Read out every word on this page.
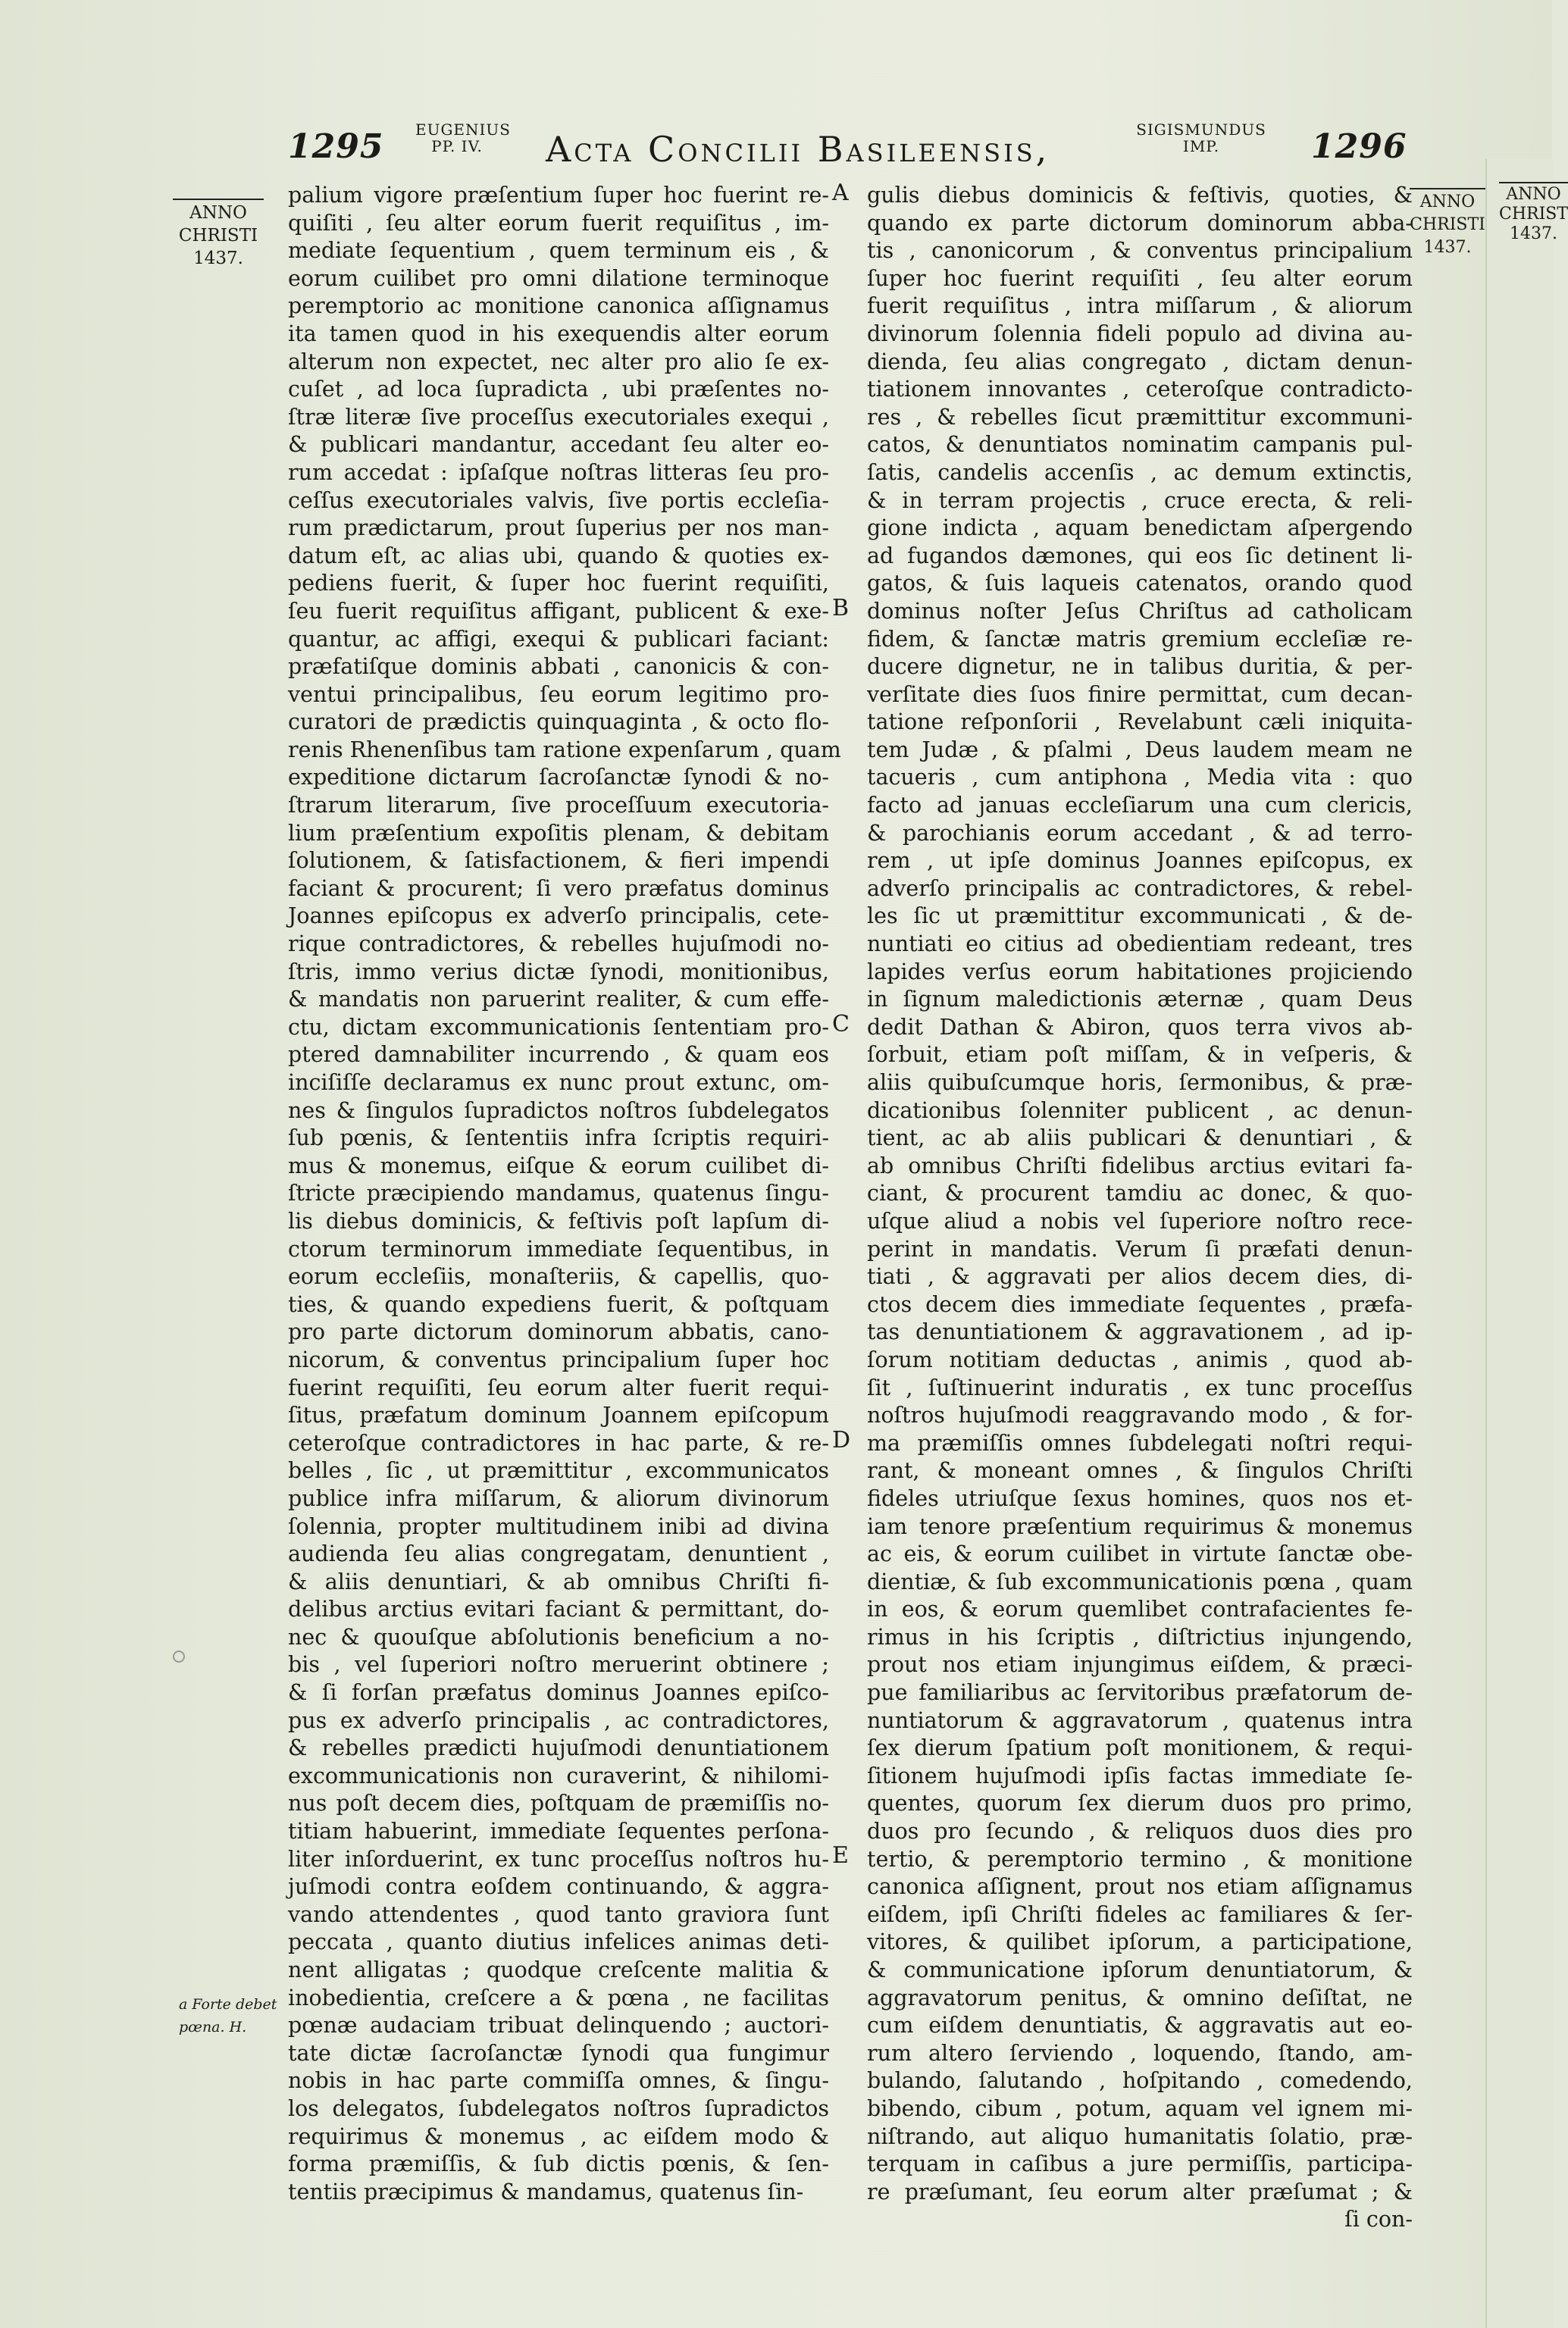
1295 EUGENIUS
PP. IV.	Acta Concilii Basileensis,	SIGISMUNDUS
IMP.	1296
ANNO
CHRISTI
1437.
ANNO
CHRISTI
1437.
a Forte debet
pœna. H.
A
B
C
D
E

palium vigore præſentium ſuper hoc fuerint re-

quiſiti , ſeu alter eorum fuerit requiſitus , im-

mediate ſequentium , quem terminum eis , &

eorum cuilibet pro omni dilatione terminoque

peremptorio ac monitione canonica aſſignamus

ita tamen quod in his exequendis alter eorum

alterum non expectet, nec alter pro alio ſe ex-

cuſet , ad loca ſupradicta , ubi præſentes no-

ſtræ literæ ſive proceſſus executoriales exequi ,

& publicari mandantur, accedant ſeu alter eo-

rum accedat : ipſaſque noſtras litteras ſeu pro-

ceſſus executoriales valvis, ſive portis eccleſia-

rum prædictarum, prout ſuperius per nos man-

datum eſt, ac alias ubi, quando & quoties ex-

pediens fuerit, & ſuper hoc fuerint requiſiti,

ſeu fuerit requiſitus affigant, publicent & exe-

quantur, ac affigi, exequi & publicari faciant:

præfatiſque dominis abbati , canonicis & con-

ventui principalibus, ſeu eorum legitimo pro-

curatori de prædictis quinquaginta , & octo flo-

renis Rhenenſibus tam ratione expenſarum , quam

expeditione dictarum ſacroſanctæ ſynodi & no-

ſtrarum literarum, ſive proceſſuum executoria-

lium præſentium expoſitis plenam, & debitam

ſolutionem, & ſatisfactionem, & fieri impendi

faciant & procurent; ſi vero præfatus dominus

Joannes epiſcopus ex adverſo principalis, cete-

rique contradictores, & rebelles hujuſmodi no-

ſtris, immo verius dictæ ſynodi, monitionibus,

& mandatis non paruerint realiter, & cum effe-

ctu, dictam excommunicationis ſententiam pro-

ptered damnabiliter incurrendo , & quam eos

inciſiſſe declaramus ex nunc prout extunc, om-

nes & ſingulos ſupradictos noſtros ſubdelegatos

ſub pœnis, & ſententiis infra ſcriptis requiri-

mus & monemus, eiſque & eorum cuilibet di-

ſtricte præcipiendo mandamus, quatenus ſingu-

lis diebus dominicis, & feſtivis poſt lapſum di-

ctorum terminorum immediate ſequentibus, in

eorum eccleſiis, monaſteriis, & capellis, quo-

ties, & quando expediens fuerit, & poſtquam

pro parte dictorum dominorum abbatis, cano-

nicorum, & conventus principalium ſuper hoc

fuerint requiſiti, ſeu eorum alter fuerit requi-

ſitus, præfatum dominum Joannem epiſcopum

ceteroſque contradictores in hac parte, & re-

belles , ſic , ut præmittitur , excommunicatos

publice infra miſſarum, & aliorum divinorum

ſolennia, propter multitudinem inibi ad divina

audienda ſeu alias congregatam, denuntient ,

& aliis denuntiari, & ab omnibus Chriſti fi-

delibus arctius evitari faciant & permittant, do-

nec & quouſque abſolutionis beneficium a no-

bis , vel ſuperiori noſtro meruerint obtinere ;

& ſi forſan præfatus dominus Joannes epiſco-

pus ex adverſo principalis , ac contradictores,

& rebelles prædicti hujuſmodi denuntiationem

excommunicationis non curaverint, & nihilomi-

nus poſt decem dies, poſtquam de præmiſſis no-

titiam habuerint, immediate ſequentes perſona-

liter inſorduerint, ex tunc proceſſus noſtros hu-

juſmodi contra eoſdem continuando, & aggra-

vando attendentes , quod tanto graviora ſunt

peccata , quanto diutius infelices animas deti-

nent alligatas ; quodque creſcente malitia &

inobedientia, creſcere a & pœna , ne facilitas

pœnæ audaciam tribuat delinquendo ; auctori-

tate dictæ ſacroſanctæ ſynodi qua fungimur

nobis in hac parte commiſſa omnes, & ſingu-

los delegatos, ſubdelegatos noſtros ſupradictos

requirimus & monemus , ac eiſdem modo &

forma præmiſſis, & ſub dictis pœnis, & ſen-

tentiis præcipimus & mandamus, quatenus ſin-

gulis diebus dominicis & feſtivis, quoties, &

quando ex parte dictorum dominorum abba-

tis , canonicorum , & conventus principalium

ſuper hoc fuerint requiſiti , ſeu alter eorum

fuerit requiſitus , intra miſſarum , & aliorum

divinorum ſolennia fideli populo ad divina au-

dienda, ſeu alias congregato , dictam denun-

tiationem innovantes , ceteroſque contradicto-

res , & rebelles ſicut præmittitur excommuni-

catos, & denuntiatos nominatim campanis pul-

ſatis, candelis accenſis , ac demum extinctis,

& in terram projectis , cruce erecta, & reli-

gione indicta , aquam benedictam aſpergendo

ad fugandos dæmones, qui eos ſic detinent li-

gatos, & ſuis laqueis catenatos, orando quod

dominus noſter Jeſus Chriſtus ad catholicam

fidem, & ſanctæ matris gremium eccleſiæ re-

ducere dignetur, ne in talibus duritia, & per-

verſitate dies ſuos finire permittat, cum decan-

tatione reſponſorii , Revelabunt cæli iniquita-

tem Judæ , & pſalmi , Deus laudem meam ne

tacueris , cum antiphona , Media vita : quo

facto ad januas eccleſiarum una cum clericis,

& parochianis eorum accedant , & ad terro-

rem , ut ipſe dominus Joannes epiſcopus, ex

adverſo principalis ac contradictores, & rebel-

les ſic ut præmittitur excommunicati , & de-

nuntiati eo citius ad obedientiam redeant, tres

lapides verſus eorum habitationes projiciendo

in ſignum maledictionis æternæ , quam Deus

dedit Dathan & Abiron, quos terra vivos ab-

ſorbuit, etiam poſt miſſam, & in veſperis, &

aliis quibuſcumque horis, ſermonibus, & præ-

dicationibus ſolenniter publicent , ac denun-

tient, ac ab aliis publicari & denuntiari , &

ab omnibus Chriſti fidelibus arctius evitari fa-

ciant, & procurent tamdiu ac donec, & quo-

uſque aliud a nobis vel ſuperiore noſtro rece-

perint in mandatis. Verum ſi præfati denun-

tiati , & aggravati per alios decem dies, di-

ctos decem dies immediate ſequentes , præfa-

tas denuntiationem & aggravationem , ad ip-

ſorum notitiam deductas , animis , quod ab-

ſit , ſuſtinuerint induratis , ex tunc proceſſus

noſtros hujuſmodi reaggravando modo , & for-

ma præmiſſis omnes ſubdelegati noſtri requi-

rant, & moneant omnes , & ſingulos Chriſti

fideles utriuſque ſexus homines, quos nos et-

iam tenore præſentium requirimus & monemus

ac eis, & eorum cuilibet in virtute ſanctæ obe-

dientiæ, & ſub excommunicationis pœna , quam

in eos, & eorum quemlibet contrafacientes fe-

rimus in his ſcriptis , diſtrictius injungendo,

prout nos etiam injungimus eiſdem, & præci-

pue familiaribus ac ſervitoribus præfatorum de-

nuntiatorum & aggravatorum , quatenus intra

ſex dierum ſpatium poſt monitionem, & requi-

ſitionem hujuſmodi ipſis factas immediate ſe-

quentes, quorum ſex dierum duos pro primo,

duos pro ſecundo , & reliquos duos dies pro

tertio, & peremptorio termino , & monitione

canonica aſſignent, prout nos etiam aſſignamus

eiſdem, ipſi Chriſti fideles ac familiares & ſer-

vitores, & quilibet ipſorum, a participatione,

& communicatione ipſorum denuntiatorum, &

aggravatorum penitus, & omnino deſiſtat, ne

cum eiſdem denuntiatis, & aggravatis aut eo-

rum altero ſerviendo , loquendo, ſtando, am-

bulando, ſalutando , hoſpitando , comedendo,

bibendo, cibum , potum, aquam vel ignem mi-

niſtrando, aut aliquo humanitatis ſolatio, præ-

terquam in caſibus a jure permiſſis, participa-

re præſumant, ſeu eorum alter præſumat ; &

ſi con-

ANNO
CHRIST
1437.
